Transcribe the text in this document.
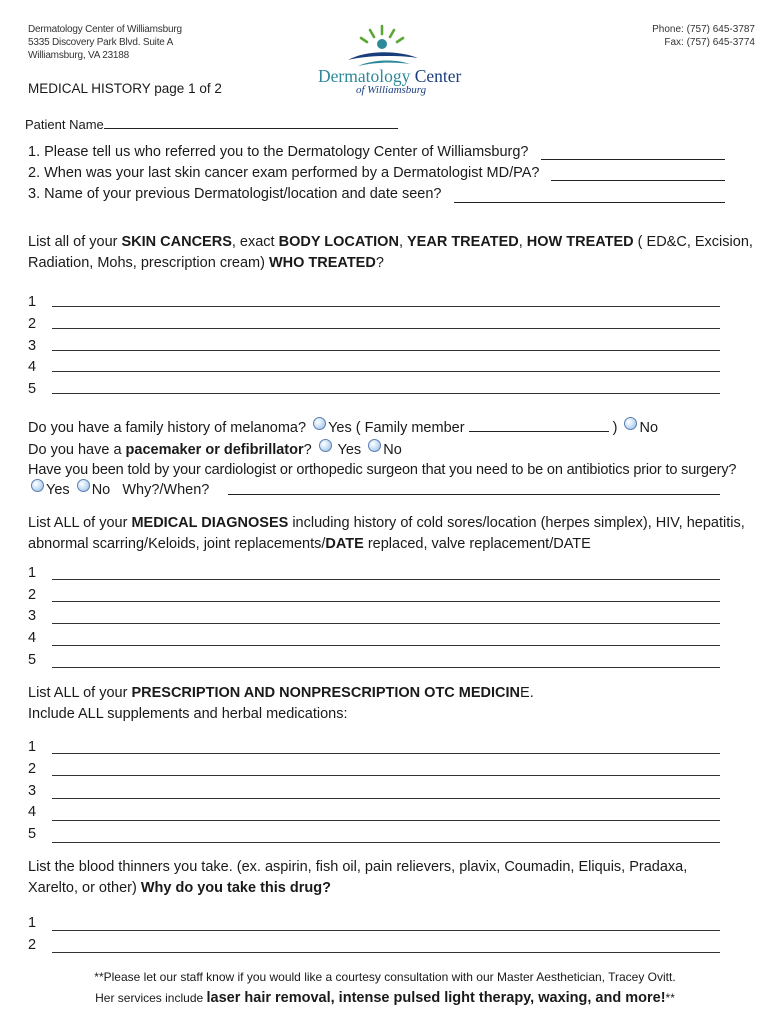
Dermatology Center of Williamsburg
5335 Discovery Park Blvd. Suite A
Williamsburg, VA 23188
Phone: (757) 645-3787
Fax: (757) 645-3774
Dermatology Center
of Williamsburg
MEDICAL HISTORY page 1 of 2
Patient Name
1. Please tell us who referred you to the Dermatology Center of Williamsburg?
2. When was your last skin cancer exam performed by a Dermatologist MD/PA?
3. Name of your previous Dermatologist/location and date seen?
List all of your SKIN CANCERS, exact BODY LOCATION, YEAR TREATED, HOW TREATED ( ED&C, Excision,
Radiation, Mohs, prescription cream) WHO TREATED?
1
2
3
4
5
Do you have a family history of melanoma? Yes ( Family member	) No
Do you have a pacemaker or defibrillator? Yes No
Have you been told by your cardiologist or orthopedic surgeon that you need to be on antibiotics prior to surgery?
Yes No Why?/When?
List ALL of your MEDICAL DIAGNOSES including history of cold sores/location (herpes simplex), HIV, hepatitis,
abnormal scarring/Keloids, joint replacements/DATE replaced, valve replacement/DATE
1
2
3
4
5
List ALL of your PRESCRIPTION AND NONPRESCRIPTION OTC MEDICINE.
Include ALL supplements and herbal medications:
1
2
3
4
5
List the blood thinners you take. (ex. aspirin, fish oil, pain relievers, plavix, Coumadin, Eliquis, Pradaxa,
Xarelto, or other) Why do you take this drug?
1
2
**Please let our staff know if you would like a courtesy consultation with our Master Aesthetician, Tracey Ovitt.
Her services include laser hair removal, intense pulsed light therapy, waxing, and more!**
